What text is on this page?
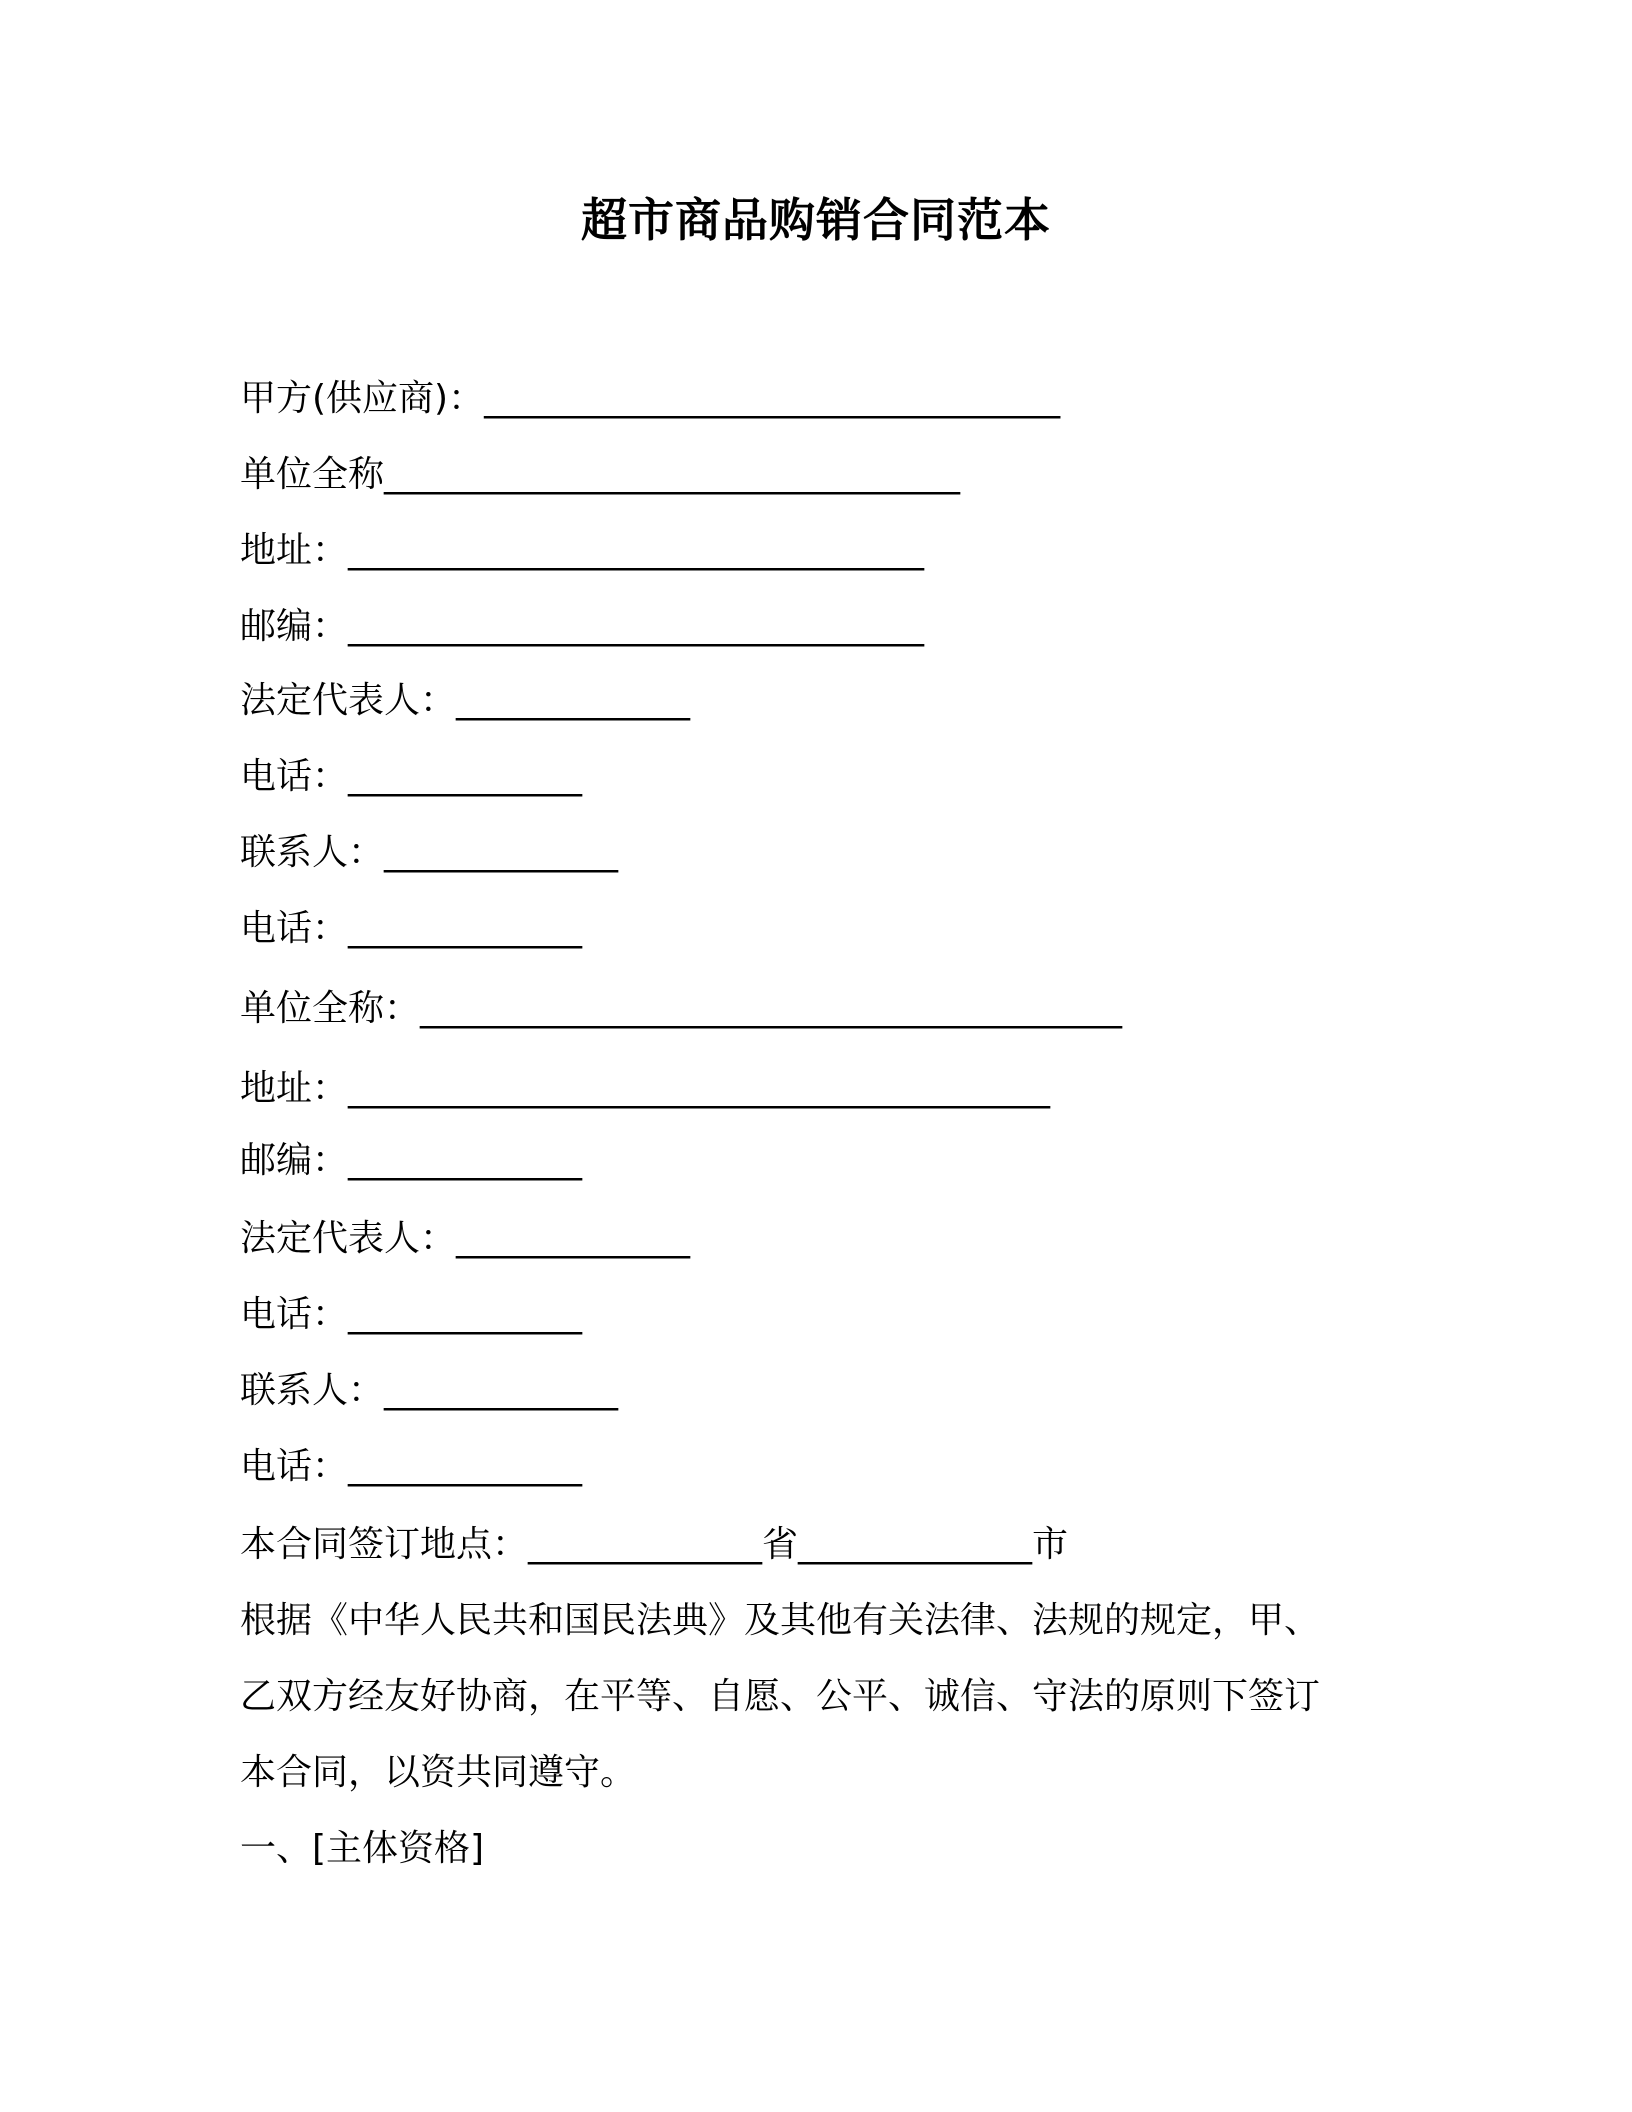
超市商品购销合同范本
甲方(供应商)：________________________________
单位全称________________________________
地址：________________________________
邮编：________________________________
法定代表人：_____________
电话：_____________
联系人：_____________
电话：_____________
单位全称：_______________________________________
地址：_______________________________________
邮编：_____________
法定代表人：_____________
电话：_____________
联系人：_____________
电话：_____________
本合同签订地点：_____________省_____________市
根据《中华人民共和国民法典》及其他有关法律、法规的规定，甲、
乙双方经友好协商，在平等、自愿、公平、诚信、守法的原则下签订
本合同，以资共同遵守。
一、[主体资格]
